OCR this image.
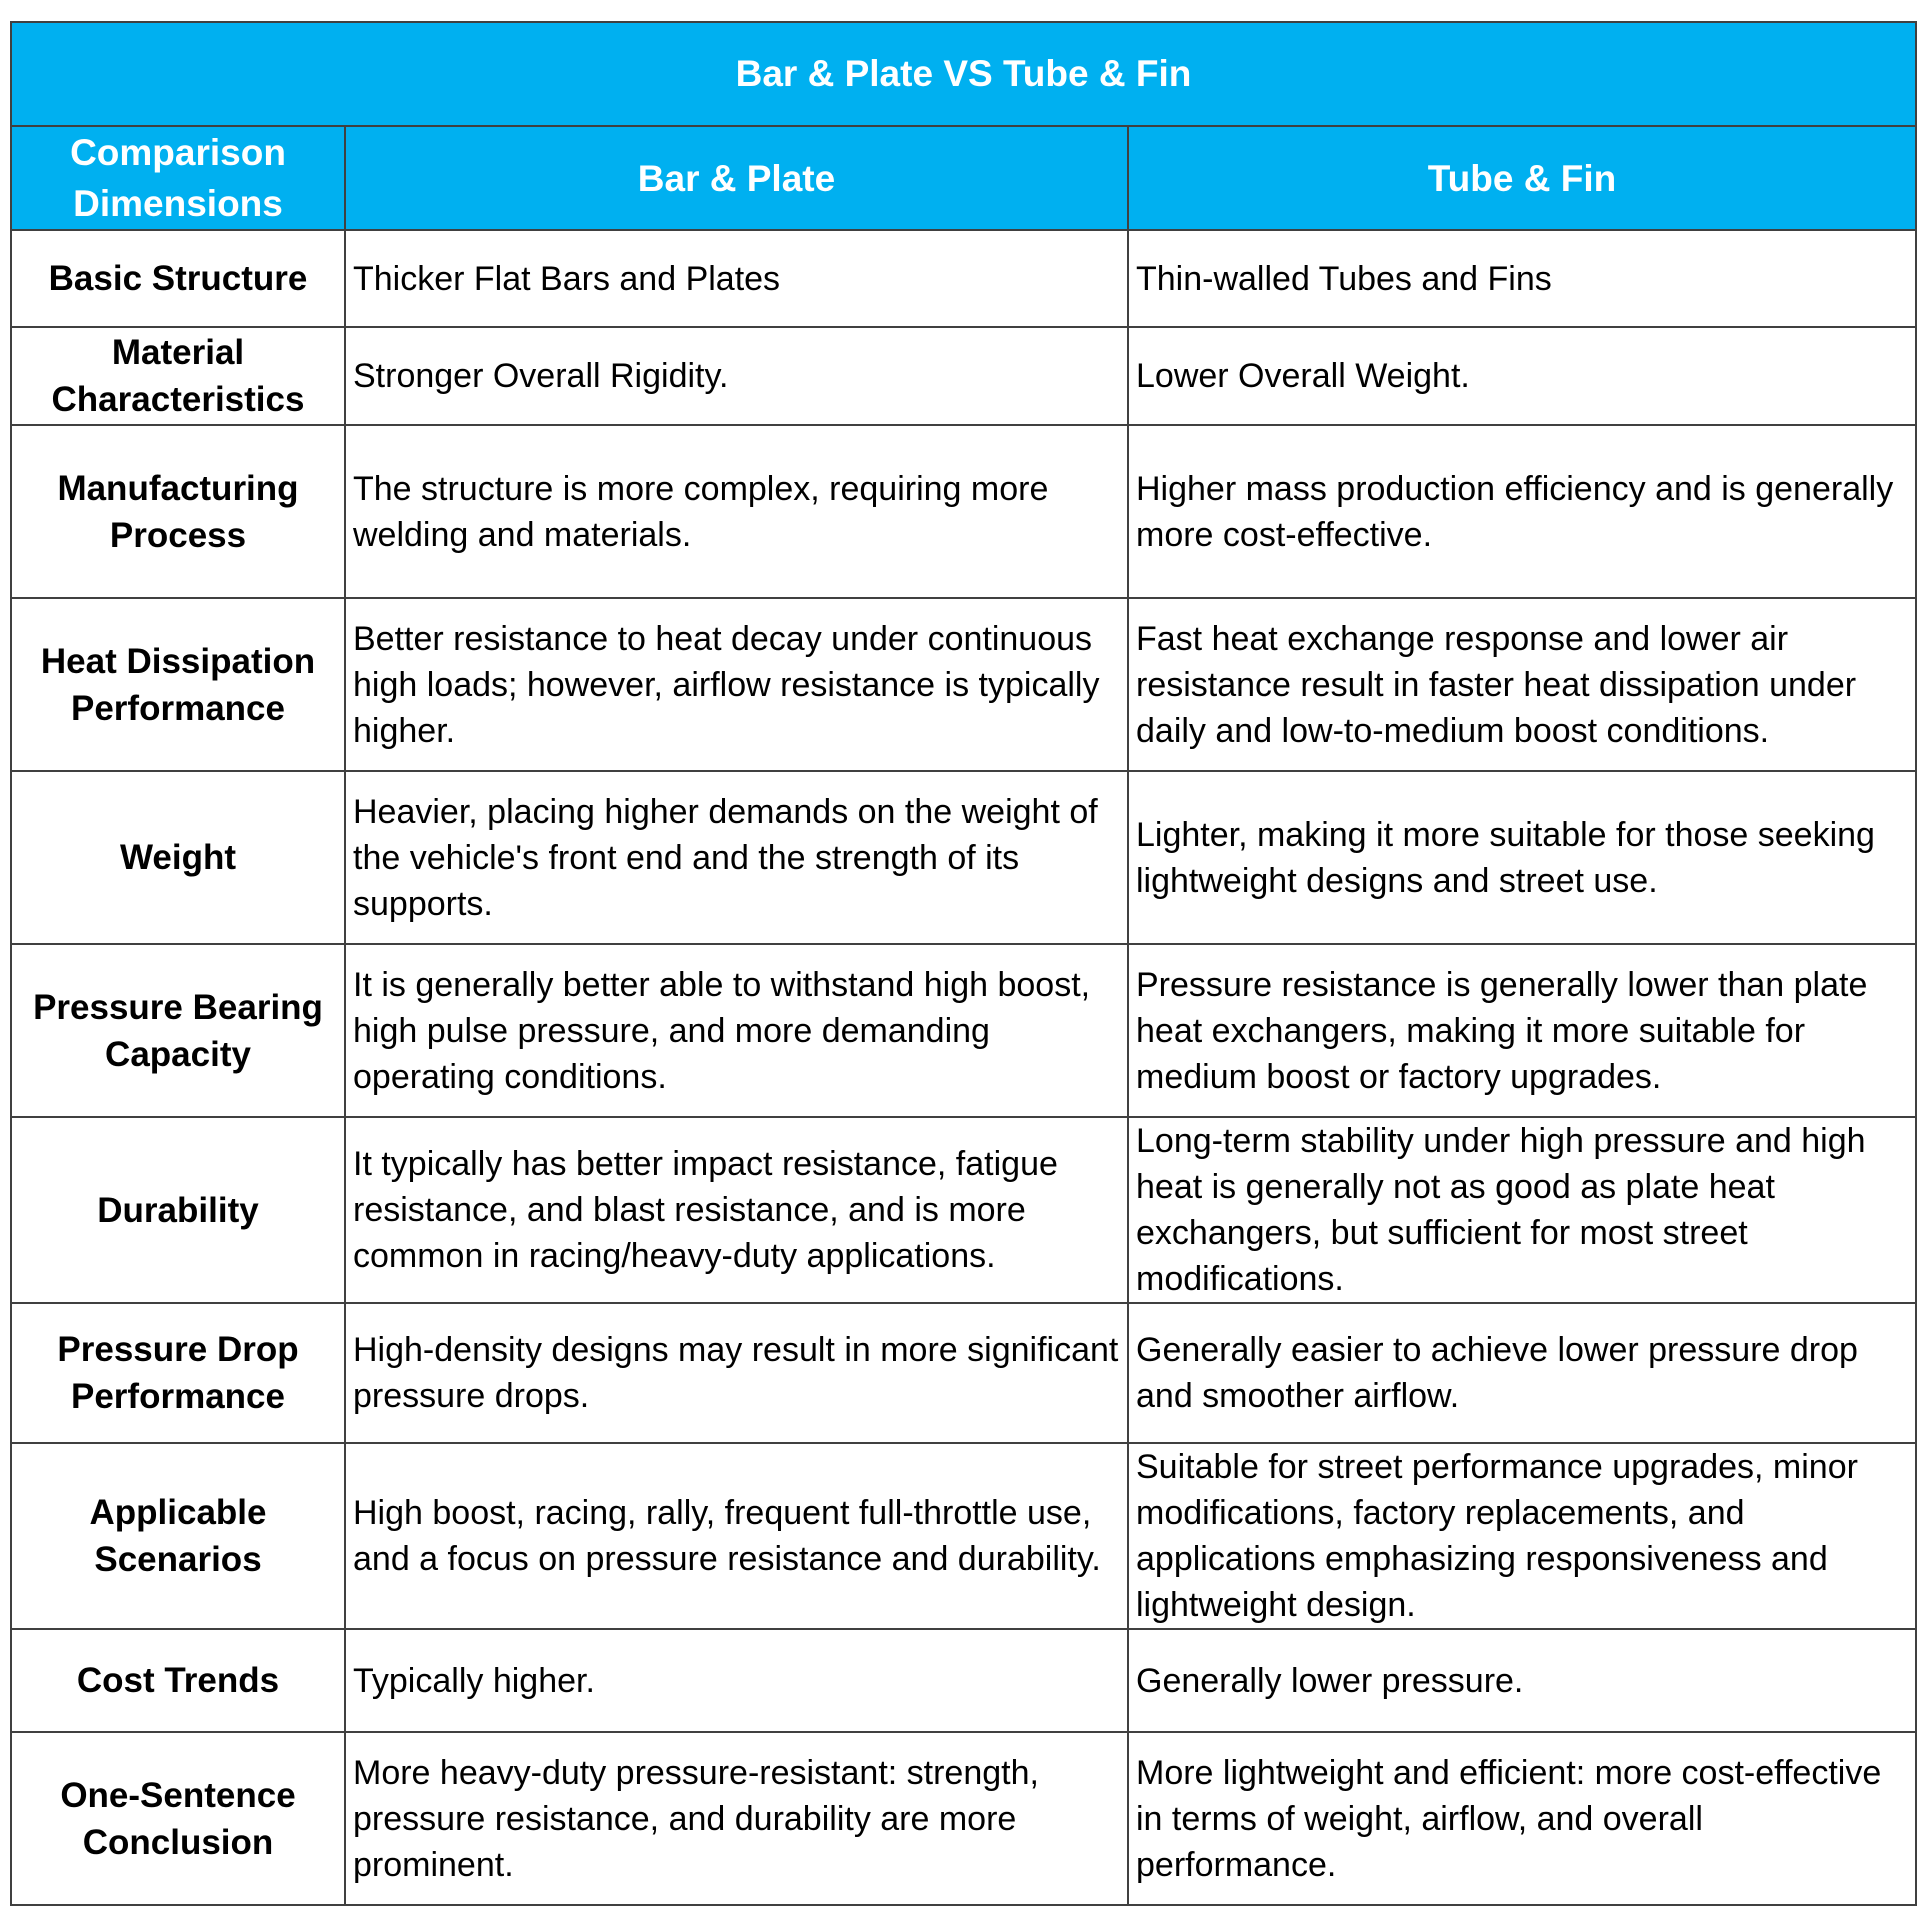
Bar & Plate VS Tube & Fin		
Comparison Dimensions	Bar & Plate	Tube & Fin
Basic Structure	Thicker Flat Bars and Plates	Thin-walled Tubes and Fins
Material Characteristics	Stronger Overall Rigidity.	Lower Overall Weight.
Manufacturing Process	The structure is more complex, requiring more welding and materials.	Higher mass production efficiency and is generally more cost-effective.
Heat Dissipation Performance	Better resistance to heat decay under continuous high loads; however, airflow resistance is typically higher.	Fast heat exchange response and lower air resistance result in faster heat dissipation under daily and low-to-medium boost conditions.
Weight	Heavier, placing higher demands on the weight of the vehicle's front end and the strength of its supports.	Lighter, making it more suitable for those seeking lightweight designs and street use.
Pressure Bearing Capacity	It is generally better able to withstand high boost, high pulse pressure, and more demanding operating conditions.	Pressure resistance is generally lower than plate heat exchangers, making it more suitable for medium boost or factory upgrades.
Durability	It typically has better impact resistance, fatigue resistance, and blast resistance, and is more common in racing/heavy-duty applications.	Long-term stability under high pressure and high heat is generally not as good as plate heat exchangers, but sufficient for most street modifications.
Pressure Drop Performance	High-density designs may result in more significant pressure drops.	Generally easier to achieve lower pressure drop and smoother airflow.
Applicable Scenarios	High boost, racing, rally, frequent full-throttle use, and a focus on pressure resistance and durability.	Suitable for street performance upgrades, minor modifications, factory replacements, and applications emphasizing responsiveness and lightweight design.
Cost Trends	Typically higher.	Generally lower pressure.
One-Sentence Conclusion	More heavy-duty pressure-resistant: strength, pressure resistance, and durability are more prominent.	More lightweight and efficient: more cost-effective in terms of weight, airflow, and overall performance.
